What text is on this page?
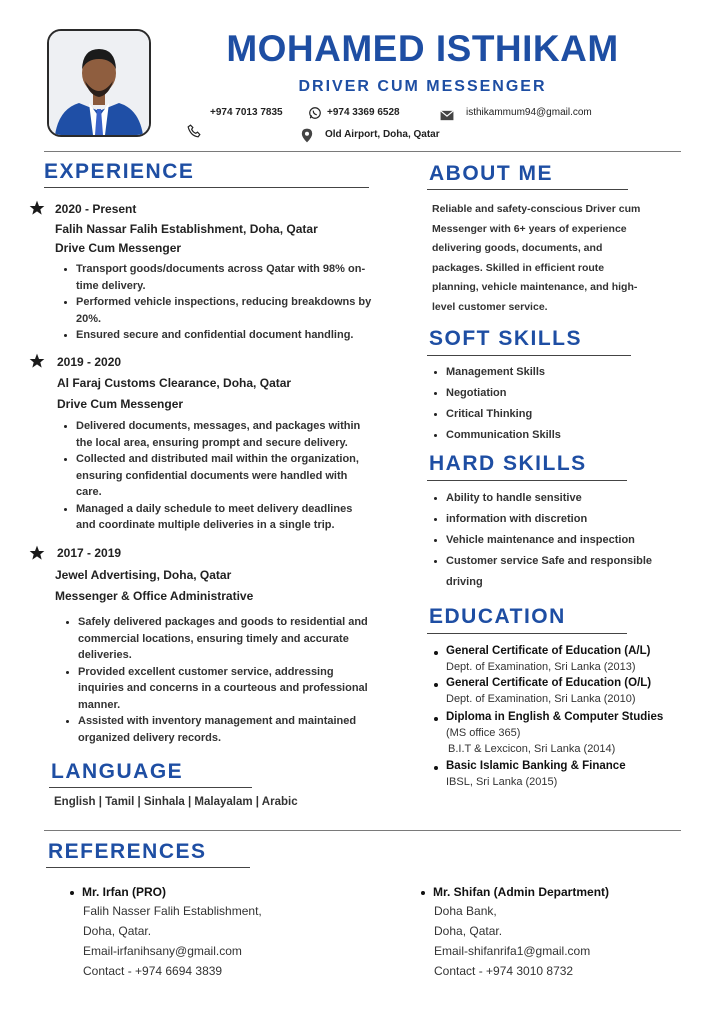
MOHAMED ISTHIKAM
DRIVER CUM MESSENGER
+974 7013 7835	+974 3369 6528	isthikammum94@gmail.com
Old Airport, Doha, Qatar
EXPERIENCE
2020 - Present
Falih Nassar Falih Establishment, Doha, Qatar
Drive Cum Messenger
Transport goods/documents across Qatar with 98% on-time delivery.
Performed vehicle inspections, reducing breakdowns by 20%.
Ensured secure and confidential document handling.
2019 - 2020
Al Faraj Customs Clearance, Doha, Qatar
Drive Cum Messenger
Delivered documents, messages, and packages within the local area, ensuring prompt and secure delivery.
Collected and distributed mail within the organization, ensuring confidential documents were handled with care.
Managed a daily schedule to meet delivery deadlines and coordinate multiple deliveries in a single trip.
2017 - 2019
Jewel Advertising, Doha, Qatar
Messenger & Office Administrative
Safely delivered packages and goods to residential and commercial locations, ensuring timely and accurate deliveries.
Provided excellent customer service, addressing inquiries and concerns in a courteous and professional manner.
Assisted with inventory management and maintained organized delivery records.
LANGUAGE
English | Tamil | Sinhala | Malayalam | Arabic
ABOUT ME
Reliable and safety-conscious Driver cum
Messenger with 6+ years of experience
delivering goods, documents, and
packages. Skilled in efficient route
planning, vehicle maintenance, and high-
level customer service.
SOFT SKILLS
Management Skills
Negotiation
Critical Thinking
Communication Skills
HARD SKILLS
Ability to handle sensitive
information with discretion
Vehicle maintenance and inspection
Customer service Safe and responsible driving
EDUCATION
General Certificate of Education (A/L)
Dept. of Examination, Sri Lanka (2013)
General Certificate of Education (O/L)
Dept. of Examination, Sri Lanka (2010)
Diploma in English & Computer Studies
(MS office 365)
B.I.T & Lexcicon, Sri Lanka (2014)
Basic Islamic Banking & Finance
IBSL, Sri Lanka (2015)
REFERENCES
Mr. Irfan (PRO)
Falih Nasser Falih Establishment,
Doha, Qatar.
Email-irfanihsany@gmail.com
Contact - +974 6694 3839
Mr. Shifan (Admin Department)
Doha Bank,
Doha, Qatar.
Email-shifanrifa1@gmail.com
Contact - +974 3010 8732
